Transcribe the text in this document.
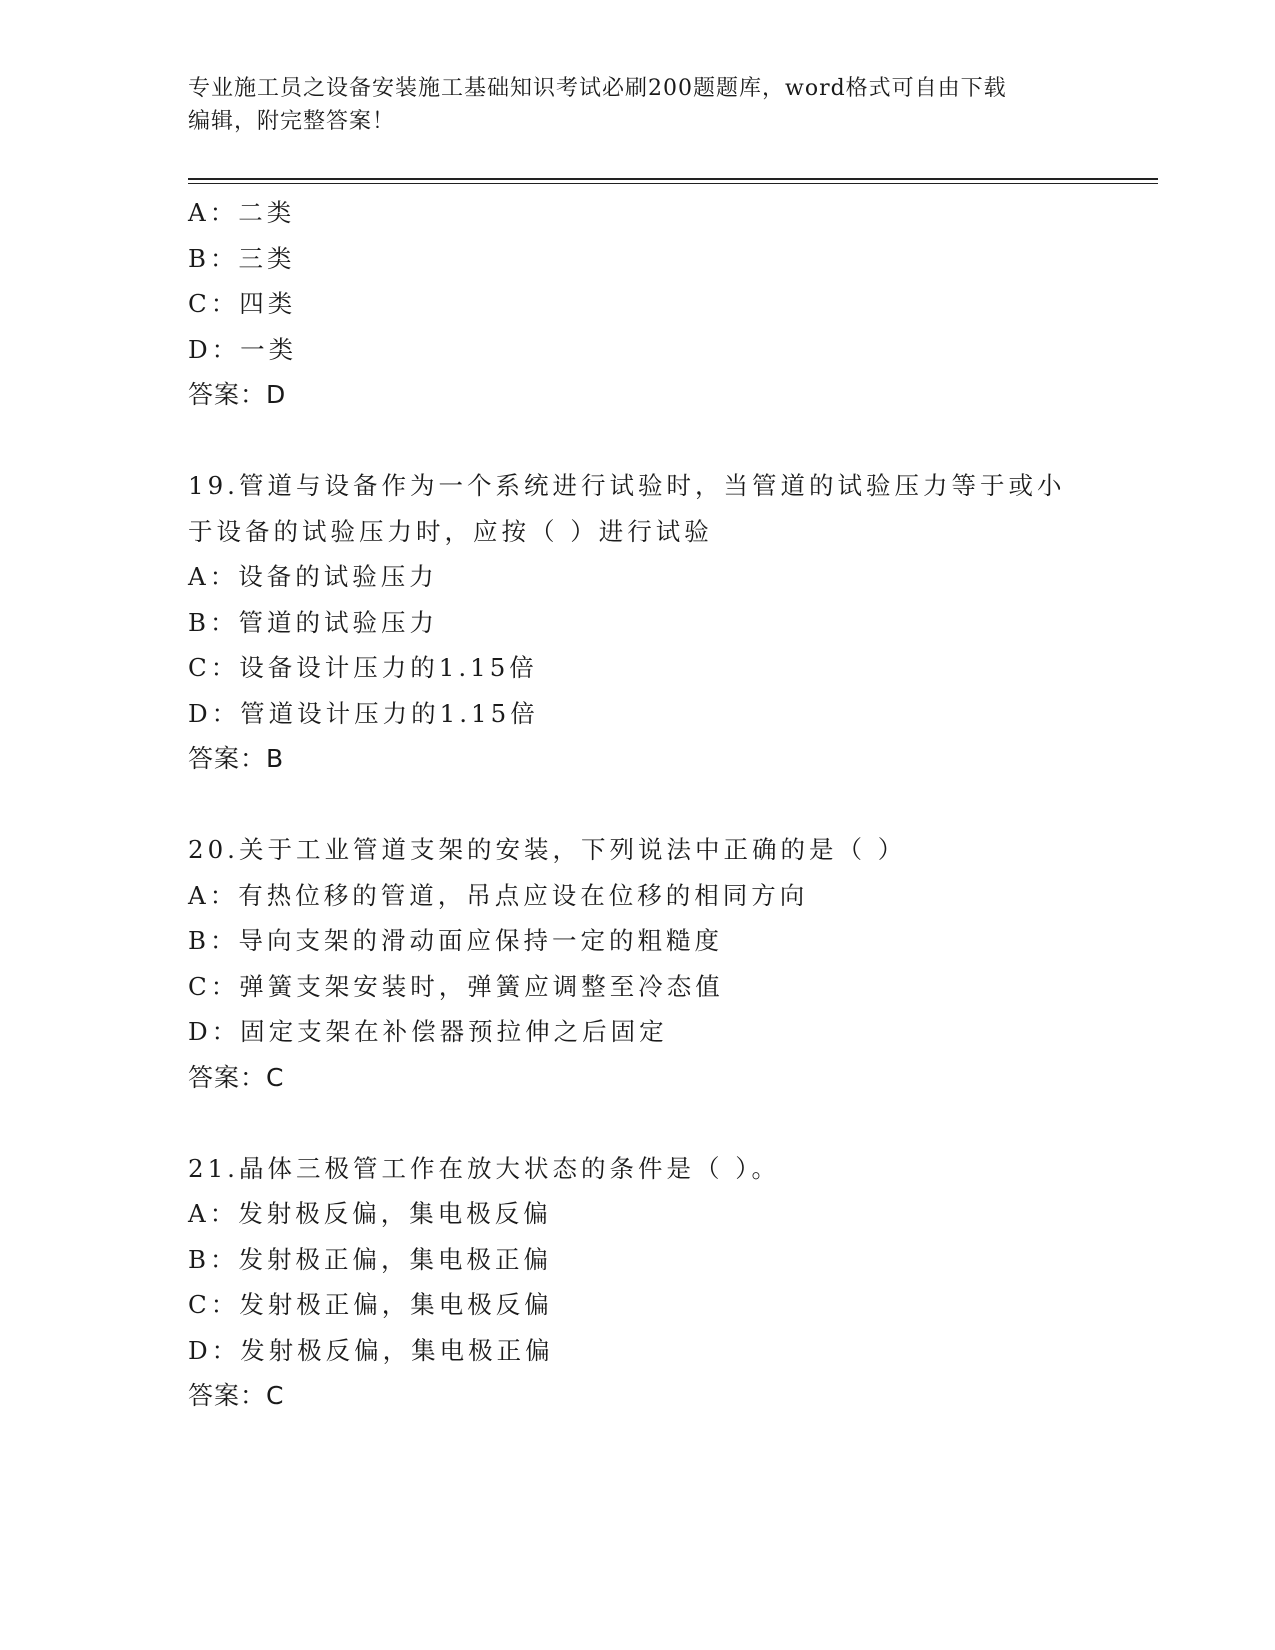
专业施工员之设备安装施工基础知识考试必刷200题题库，word格式可自由下载
编辑，附完整答案！
A：二类
B：三类
C：四类
D：一类
答案：D
19.管道与设备作为一个系统进行试验时，当管道的试验压力等于或小
于设备的试验压力时，应按（ ）进行试验
A：设备的试验压力
B：管道的试验压力
C：设备设计压力的1.15倍
D：管道设计压力的1.15倍
答案：B
20.关于工业管道支架的安装，下列说法中正确的是（ ）
A：有热位移的管道，吊点应设在位移的相同方向
B：导向支架的滑动面应保持一定的粗糙度
C：弹簧支架安装时，弹簧应调整至冷态值
D：固定支架在补偿器预拉伸之后固定
答案：C
21.晶体三极管工作在放大状态的条件是（ ）。
A：发射极反偏，集电极反偏
B：发射极正偏，集电极正偏
C：发射极正偏，集电极反偏
D：发射极反偏，集电极正偏
答案：C
